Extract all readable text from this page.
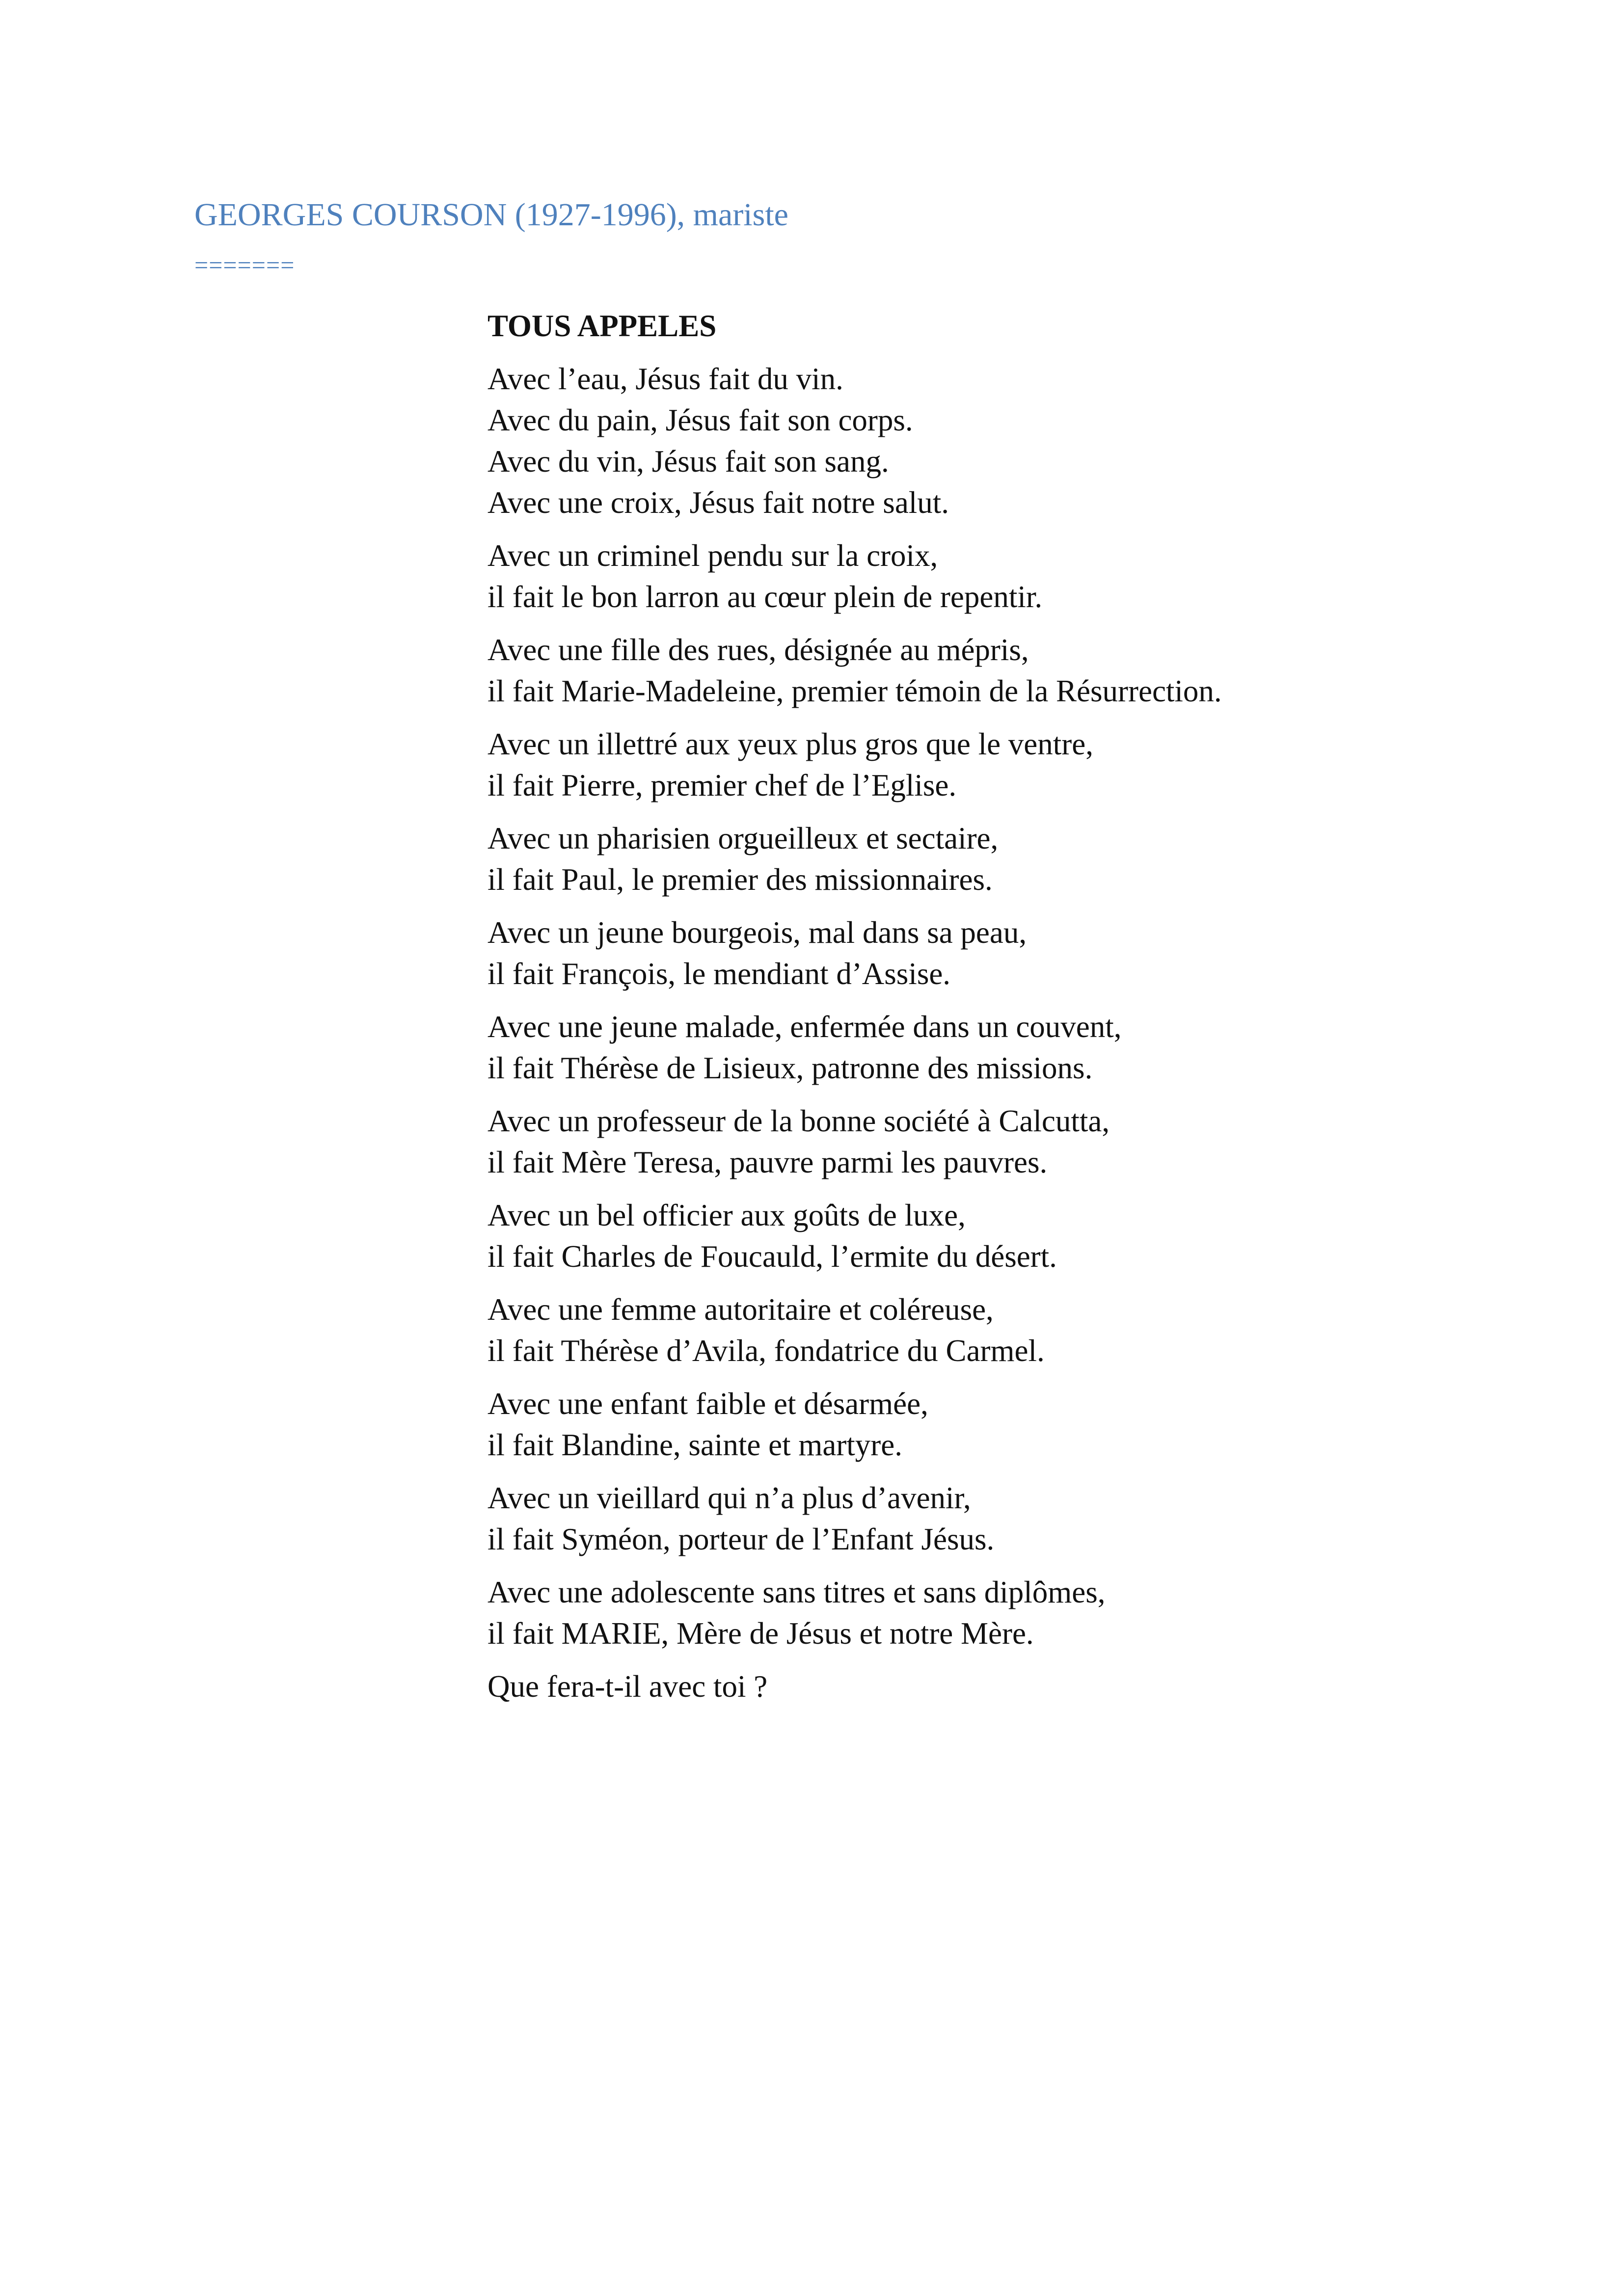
GEORGES COURSON (1927-1996), mariste
=======
TOUS APPELES
Avec l’eau, Jésus fait du vin.
Avec du pain, Jésus fait son corps.
Avec du vin, Jésus fait son sang.
Avec une croix, Jésus fait notre salut.
Avec un criminel pendu sur la croix,
il fait le bon larron au cœur plein de repentir.
Avec une fille des rues, désignée au mépris,
il fait Marie-Madeleine, premier témoin de la Résurrection.
Avec un illettré aux yeux plus gros que le ventre,
il fait Pierre, premier chef de l’Eglise.
Avec un pharisien orgueilleux et sectaire,
il fait Paul, le premier des missionnaires.
Avec un jeune bourgeois, mal dans sa peau,
il fait François, le mendiant d’Assise.
Avec une jeune malade, enfermée dans un couvent,
il fait Thérèse de Lisieux, patronne des missions.
Avec un professeur de la bonne société à Calcutta,
il fait Mère Teresa, pauvre parmi les pauvres.
Avec un bel officier aux goûts de luxe,
il fait Charles de Foucauld, l’ermite du désert.
Avec une femme autoritaire et coléreuse,
il fait Thérèse d’Avila, fondatrice du Carmel.
Avec une enfant faible et désarmée,
il fait Blandine, sainte et martyre.
Avec un vieillard qui n’a plus d’avenir,
il fait Syméon, porteur de l’Enfant Jésus.
Avec une adolescente sans titres et sans diplômes,
il fait MARIE, Mère de Jésus et notre Mère.
Que fera-t-il avec toi ?
